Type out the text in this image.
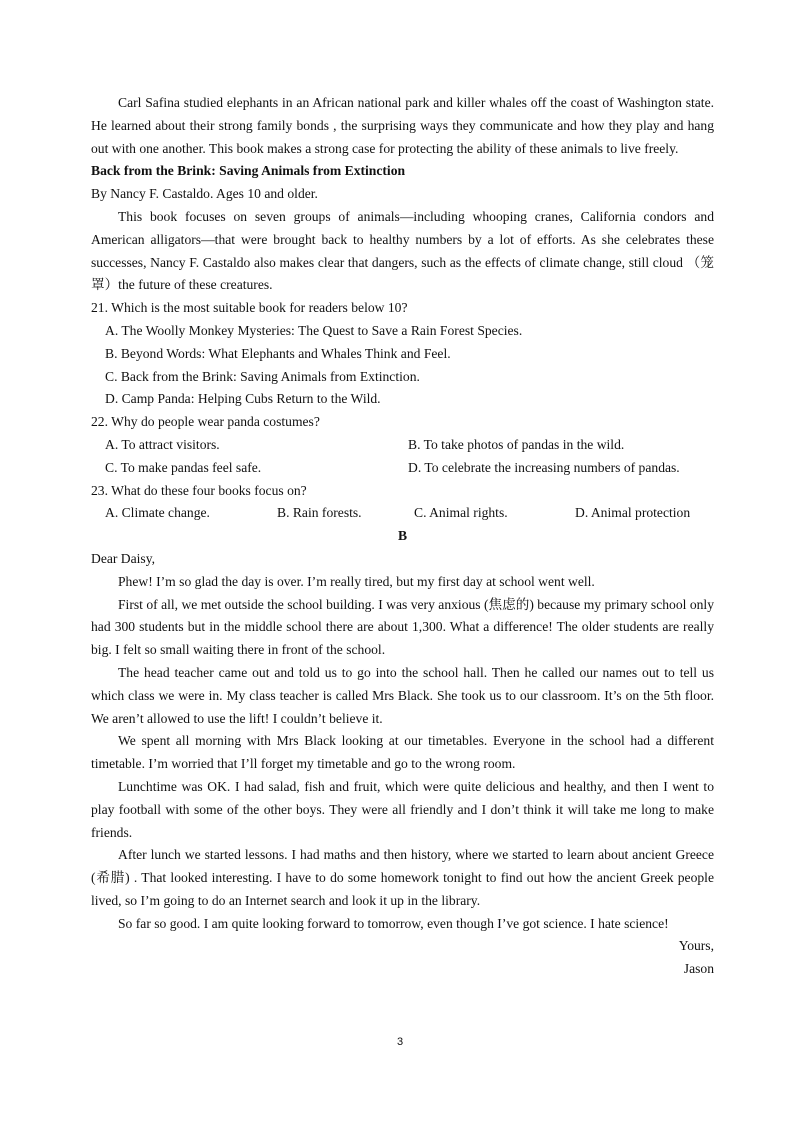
Carl Safina studied elephants in an African national park and killer whales off the coast of Washington state. He learned about their strong family bonds , the surprising ways they communicate and how they play and hang out with one another. This book makes a strong case for protecting the ability of these animals to live freely.

Back from the Brink: Saving Animals from Extinction

By Nancy F. Castaldo. Ages 10 and older.

This book focuses on seven groups of animals—including whooping cranes, California condors and American alligators—that were brought back to healthy numbers by a lot of efforts. As she celebrates these successes, Nancy F. Castaldo also makes clear that dangers, such as the effects of climate change, still cloud （笼罩）the future of these creatures.

21. Which is the most suitable book for readers below 10?

A. The Woolly Monkey Mysteries: The Quest to Save a Rain Forest Species.

B. Beyond Words: What Elephants and Whales Think and Feel.

C. Back from the Brink: Saving Animals from Extinction.

D. Camp Panda: Helping Cubs Return to the Wild.

22. Why do people wear panda costumes?

A. To attract visitors.	B. To take photos of pandas in the wild.
C. To make pandas feel safe.	D. To celebrate the increasing numbers of pandas.

23. What do these four books focus on?

A. Climate change.	B. Rain forests.	C. Animal rights.	D. Animal protection

B

Dear Daisy,

Phew! I’m so glad the day is over. I’m really tired, but my first day at school went well.

First of all, we met outside the school building. I was very anxious (焦虑的) because my primary school only had 300 students but in the middle school there are about 1,300. What a difference! The older students are really big. I felt so small waiting there in front of the school.

The head teacher came out and told us to go into the school hall. Then he called our names out to tell us which class we were in. My class teacher is called Mrs Black. She took us to our classroom. It’s on the 5th floor. We aren’t allowed to use the lift! I couldn’t believe it.

We spent all morning with Mrs Black looking at our timetables. Everyone in the school had a different timetable. I’m worried that I’ll forget my timetable and go to the wrong room.

Lunchtime was OK. I had salad, fish and fruit, which were quite delicious and healthy, and then I went to play football with some of the other boys. They were all friendly and I don’t think it will take me long to make friends.

After lunch we started lessons. I had maths and then history, where we started to learn about ancient Greece (希腊) . That looked interesting. I have to do some homework tonight to find out how the ancient Greek people lived, so I’m going to do an Internet search and look it up in the library.

So far so good. I am quite looking forward to tomorrow, even though I’ve got science. I hate science!

Yours,

Jason

3
